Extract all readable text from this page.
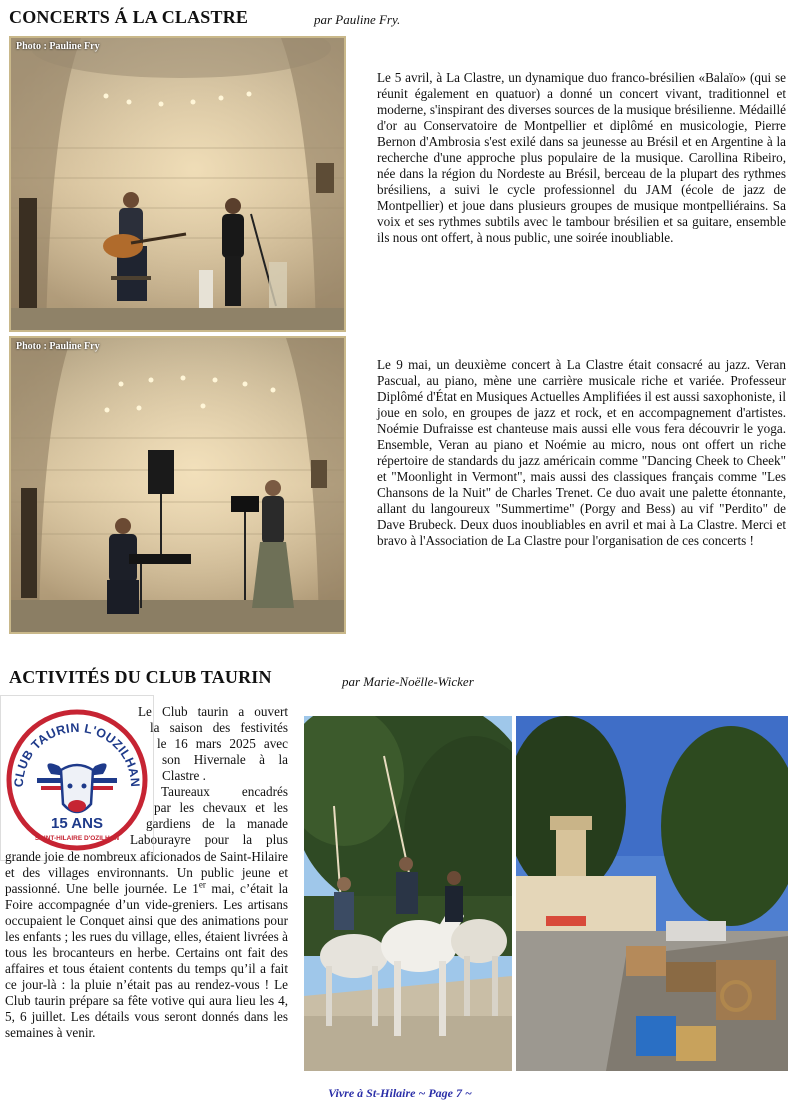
CONCERTS Á LA CLASTRE	par Pauline Fry.
Photo : Pauline Fry
Photo : Pauline Fry

Le 5 avril, à La Clastre, un dynamique duo franco-brésilien «Balaïo» (qui se réunit également en quatuor) a donné un concert vivant, traditionnel et moderne, s'inspirant des diverses sources de la musique brésilienne. Médaillé d'or au Conservatoire de Montpellier et diplômé en musicologie, Pierre Bernon d'Ambrosia s'est exilé dans sa jeunesse au Brésil et en Argentine à la recherche d'une approche plus populaire de la musique. Carollina Ribeiro, née dans la région du Nordeste au Brésil, berceau de la plupart des rythmes brésiliens, a suivi le cycle professionnel du JAM (école de jazz de Montpellier) et joue dans plusieurs groupes de musique montpelliérains. Sa voix et ses rythmes subtils avec le tambour brésilien et sa guitare, ensemble ils nous ont offert, à nous public, une soirée inoubliable.

Le 9 mai, un deuxième concert à La Clastre était consacré au jazz. Veran Pascual, au piano, mène une carrière musicale riche et variée. Professeur Diplômé d'État en Musiques Actuelles Amplifiées il est aussi saxophoniste, il joue en solo, en groupes de jazz et rock, et en accompagnement d'artistes. Noémie Dufraisse est chanteuse mais aussi elle vous fera découvrir le yoga. Ensemble, Veran au piano et Noémie au micro, nous ont offert un riche répertoire de standards du jazz américain comme "Dancing Cheek to Cheek" et "Moonlight in Vermont", mais aussi des classiques français comme "Les Chansons de la Nuit" de Charles Trenet. Ce duo avait une palette étonnante, allant du langoureux "Summertime" (Porgy and Bess) au vif "Perdito" de Dave Brubeck. Deux duos inoubliables en avril et mai à La Clastre. Merci et bravo à l'Association de La Clastre pour l'organisation de ces concerts !

ACTIVITÉS DU CLUB TAURIN	par Marie-Noëlle-Wicker
CLUB TAURIN L'OUZILHAN
15 ANS
SAINT-HILAIRE D'OZILHAN
Le Club taurin a ouvert
la saison des festivités
le 16 mars 2025 avec
son Hivernale à la
Clastre .
Taureaux encadrés
par les chevaux et les
gardiens de la manade
Labourayre pour la plus

grande joie de nombreux aficionados de Saint-Hilaire et des villages environnants. Un public jeune et passionné. Une belle journée. Le 1er mai, c’était la Foire accompagnée d’un vide-greniers. Les artisans occupaient le Conquet ainsi que des animations pour les enfants ; les rues du village, elles, étaient livrées à tous les brocanteurs en herbe. Certains ont fait des affaires et tous étaient contents du temps qu’il a fait ce jour-là : la pluie n’était pas au rendez-vous ! Le Club taurin prépare sa fête votive qui aura lieu les 4, 5, 6 juillet. Les détails vous seront donnés dans les semaines à venir.

Vivre à St-Hilaire ~ Page 7 ~
